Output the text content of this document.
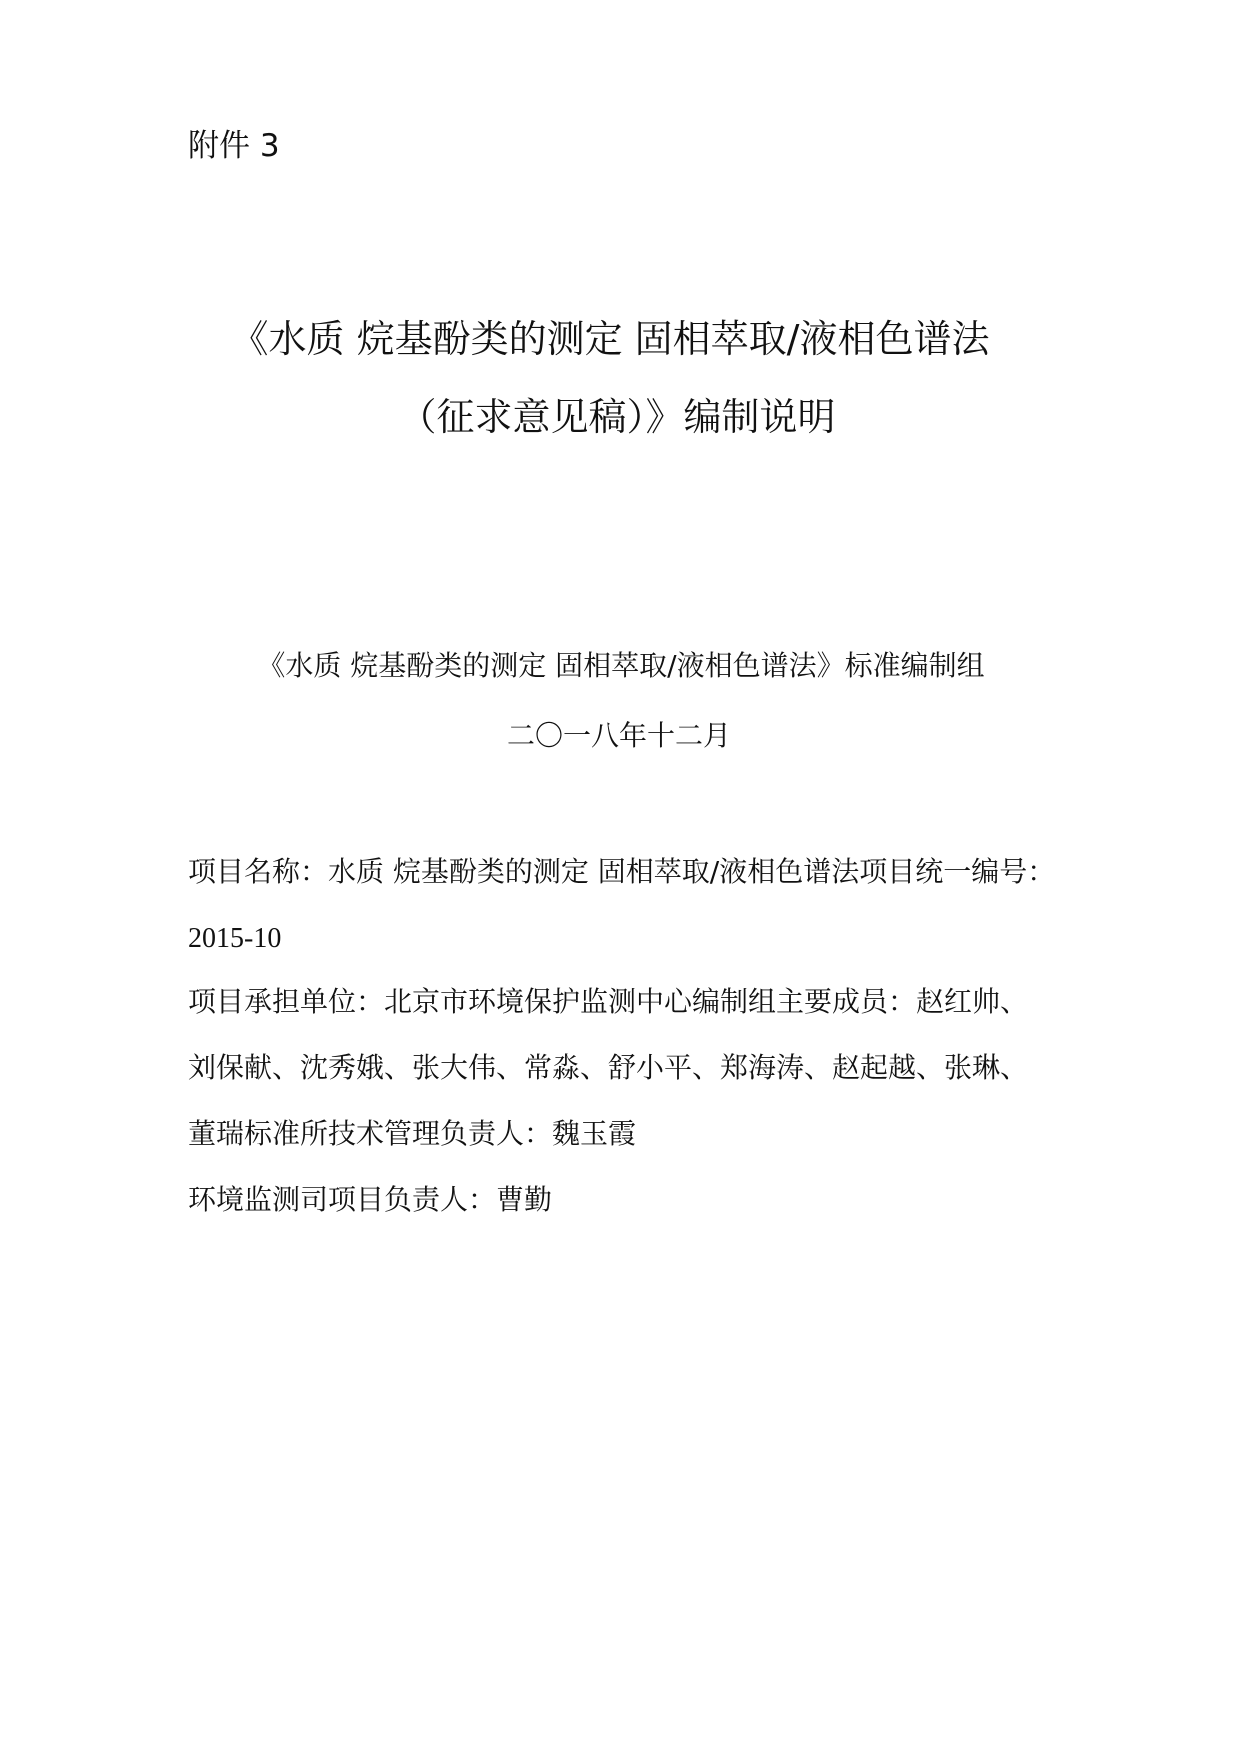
附件 3
《水质 烷基酚类的测定 固相萃取/液相色谱法
（征求意见稿）》编制说明
《水质 烷基酚类的测定 固相萃取/液相色谱法》标准编制组
二〇一八年十二月
项目名称：水质 烷基酚类的测定 固相萃取/液相色谱法项目统一编号：
2015-10
项目承担单位：北京市环境保护监测中心编制组主要成员：赵红帅、
刘保献、沈秀娥、张大伟、常淼、舒小平、郑海涛、赵起越、张琳、
董瑞标准所技术管理负责人：魏玉霞
环境监测司项目负责人：曹勤
